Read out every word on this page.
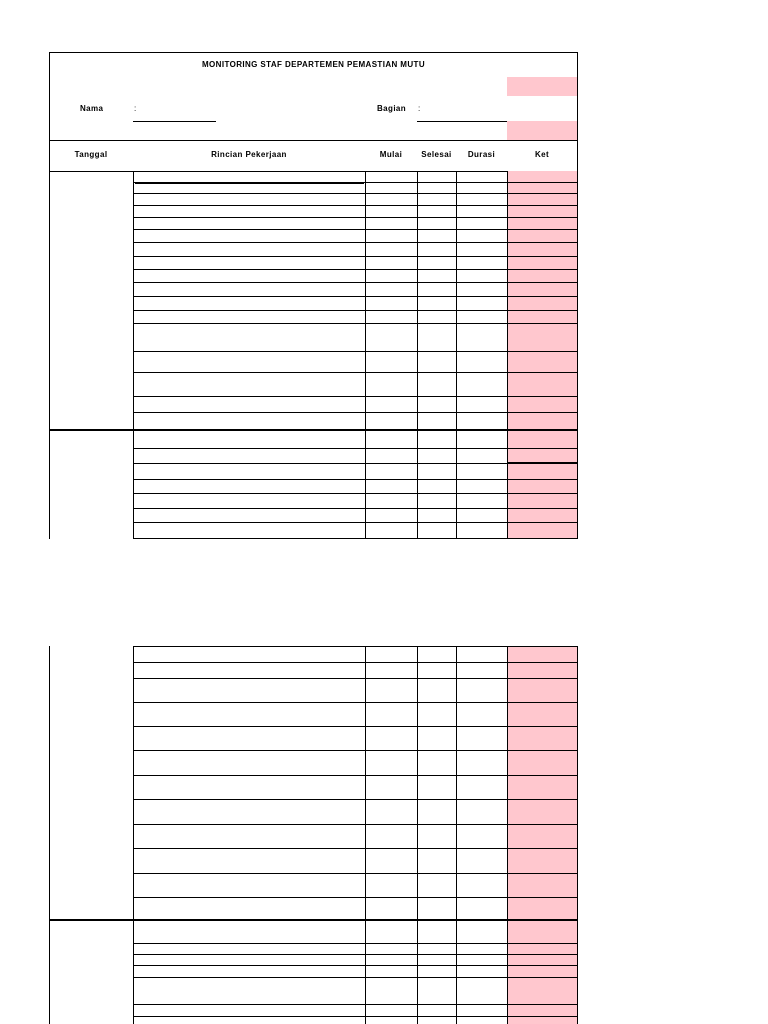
MONITORING STAF DEPARTEMEN PEMASTIAN MUTU
Nama	:	Bagian :
Tanggal	Rincian Pekerjaan	Mulai	Selesai	Durasi	Ket
